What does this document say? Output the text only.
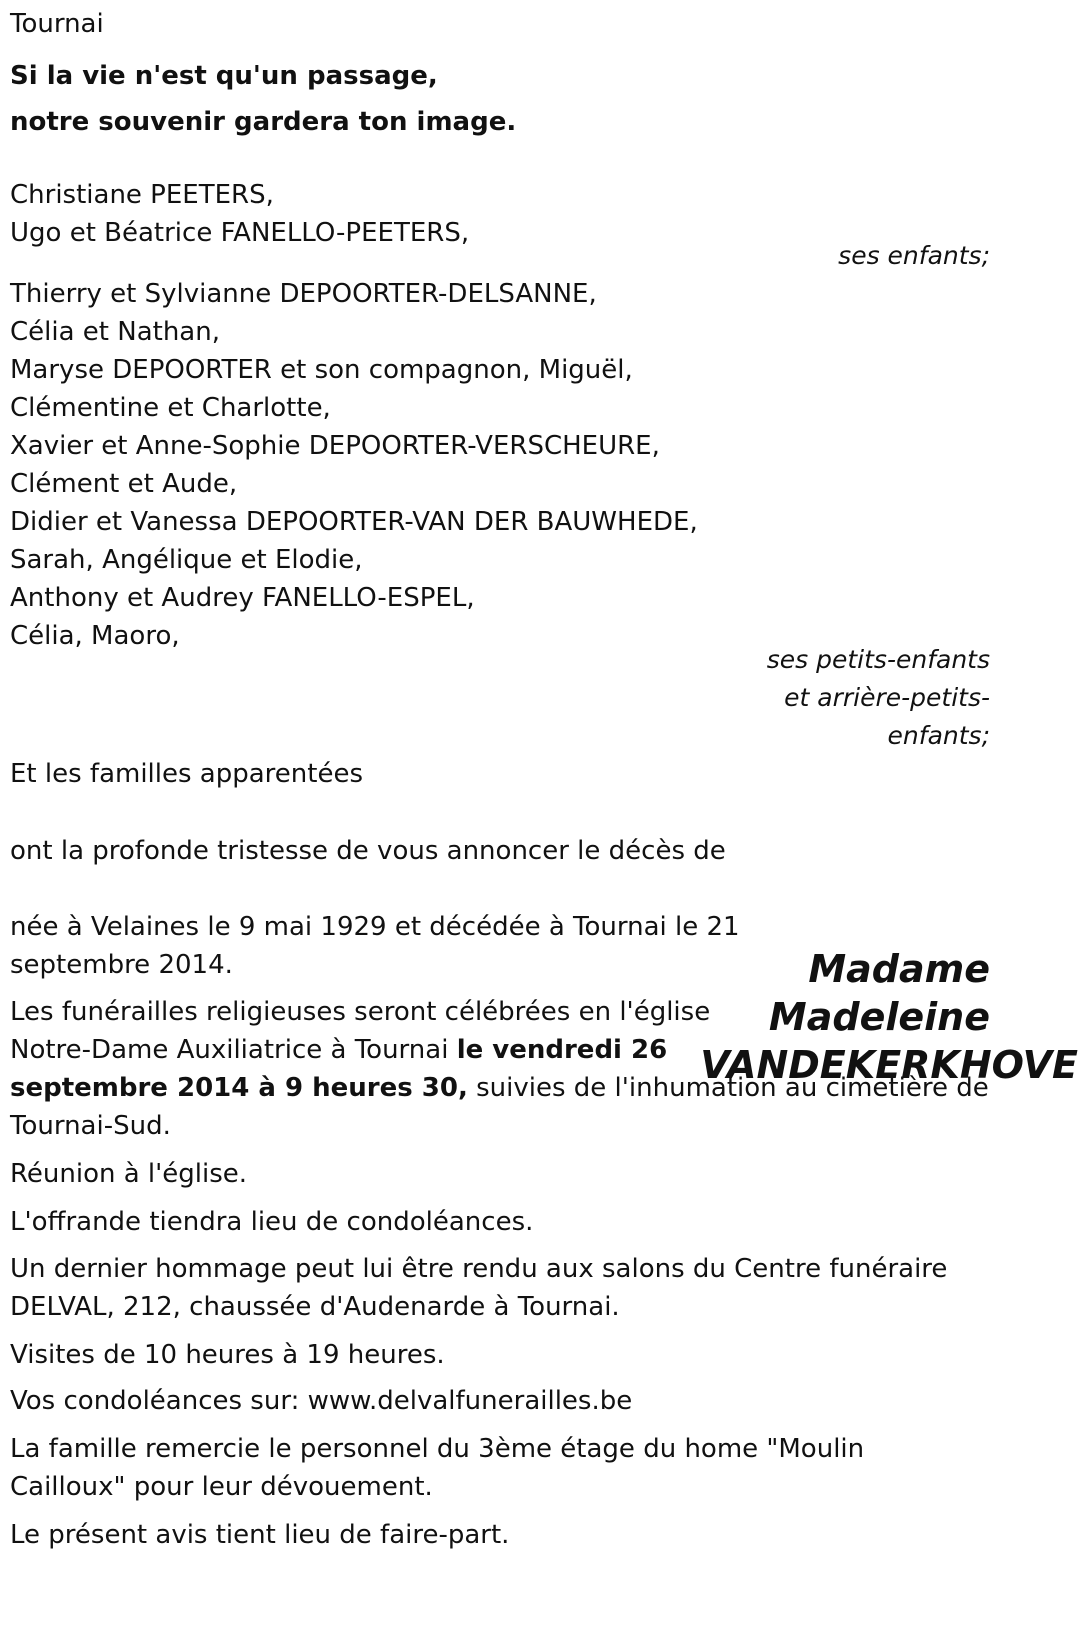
Tournai
Si la vie n'est qu'un passage,
notre souvenir gardera ton image.
Christiane PEETERS,
Ugo et Béatrice FANELLO-PEETERS,
ses enfants;
Thierry et Sylvianne DEPOORTER-DELSANNE,
Célia et Nathan,
Maryse DEPOORTER et son compagnon, Miguël,
Clémentine et Charlotte,
Xavier et Anne-Sophie DEPOORTER-VERSCHEURE,
Clément et Aude,
Didier et Vanessa DEPOORTER-VAN DER BAUWHEDE,
Sarah, Angélique et Elodie,
Anthony et Audrey FANELLO-ESPEL,
Célia, Maoro,
ses petits-enfants
et arrière-petits-
enfants;
Et les familles apparentées
ont la profonde tristesse de vous annoncer le décès de
Madame
Madeleine
VANDEKERKHOVE
née à Velaines le 9 mai 1929 et décédée à Tournai le 21
septembre 2014.
Les funérailles religieuses seront célébrées en l'église
Notre-Dame Auxiliatrice à Tournai le vendredi 26
septembre 2014 à 9 heures 30, suivies de l'inhumation au cimetière de
Tournai-Sud.
Réunion à l'église.
L'offrande tiendra lieu de condoléances.
Un dernier hommage peut lui être rendu aux salons du Centre funéraire
DELVAL, 212, chaussée d'Audenarde à Tournai.
Visites de 10 heures à 19 heures.
Vos condoléances sur: www.delvalfunerailles.be
La famille remercie le personnel du 3ème étage du home "Moulin
Cailloux" pour leur dévouement.
Le présent avis tient lieu de faire-part.
